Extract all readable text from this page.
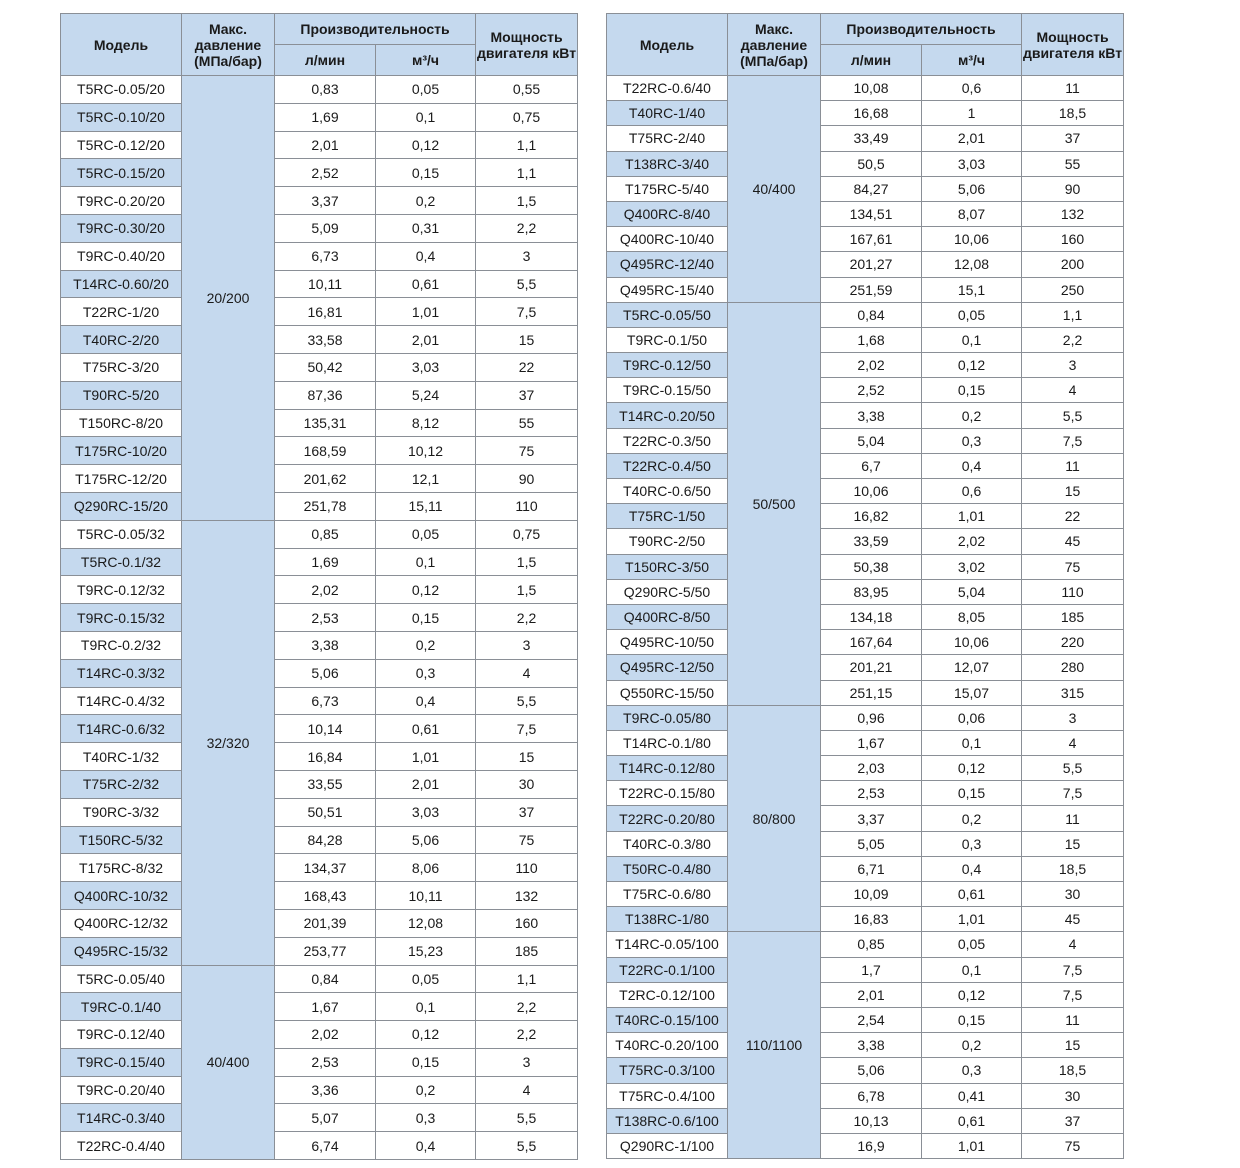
Модель	Макс. давление (МПа/бар)	Производительность		Мощность двигателя кВт
		л/мин	м³/ч	
T5RC-0.05/20	20/200	0,83	0,05	0,55
T5RC-0.10/20		1,69	0,1	0,75
T5RC-0.12/20		2,01	0,12	1,1
T5RC-0.15/20		2,52	0,15	1,1
T9RC-0.20/20		3,37	0,2	1,5
T9RC-0.30/20		5,09	0,31	2,2
T9RC-0.40/20		6,73	0,4	3
T14RC-0.60/20		10,11	0,61	5,5
T22RC-1/20		16,81	1,01	7,5
T40RC-2/20		33,58	2,01	15
T75RC-3/20		50,42	3,03	22
T90RC-5/20		87,36	5,24	37
T150RC-8/20		135,31	8,12	55
T175RC-10/20		168,59	10,12	75
T175RC-12/20		201,62	12,1	90
Q290RC-15/20		251,78	15,11	110
T5RC-0.05/32	32/320	0,85	0,05	0,75
T5RC-0.1/32		1,69	0,1	1,5
T9RC-0.12/32		2,02	0,12	1,5
T9RC-0.15/32		2,53	0,15	2,2
T9RC-0.2/32		3,38	0,2	3
T14RC-0.3/32		5,06	0,3	4
T14RC-0.4/32		6,73	0,4	5,5
T14RC-0.6/32		10,14	0,61	7,5
T40RC-1/32		16,84	1,01	15
T75RC-2/32		33,55	2,01	30
T90RC-3/32		50,51	3,03	37
T150RC-5/32		84,28	5,06	75
T175RC-8/32		134,37	8,06	110
Q400RC-10/32		168,43	10,11	132
Q400RC-12/32		201,39	12,08	160
Q495RC-15/32		253,77	15,23	185
T5RC-0.05/40	40/400	0,84	0,05	1,1
T9RC-0.1/40		1,67	0,1	2,2
T9RC-0.12/40		2,02	0,12	2,2
T9RC-0.15/40		2,53	0,15	3
T9RC-0.20/40		3,36	0,2	4
T14RC-0.3/40		5,07	0,3	5,5
T22RC-0.4/40		6,74	0,4	5,5
Модель	Макс. давление (МПа/бар)	Производительность		Мощность двигателя кВт
		л/мин	м³/ч	
T22RC-0.6/40	40/400	10,08	0,6	11
T40RC-1/40		16,68	1	18,5
T75RC-2/40		33,49	2,01	37
T138RC-3/40		50,5	3,03	55
T175RC-5/40		84,27	5,06	90
Q400RC-8/40		134,51	8,07	132
Q400RC-10/40		167,61	10,06	160
Q495RC-12/40		201,27	12,08	200
Q495RC-15/40		251,59	15,1	250
T5RC-0.05/50	50/500	0,84	0,05	1,1
T9RC-0.1/50		1,68	0,1	2,2
T9RC-0.12/50		2,02	0,12	3
T9RC-0.15/50		2,52	0,15	4
T14RC-0.20/50		3,38	0,2	5,5
T22RC-0.3/50		5,04	0,3	7,5
T22RC-0.4/50		6,7	0,4	11
T40RC-0.6/50		10,06	0,6	15
T75RC-1/50		16,82	1,01	22
T90RC-2/50		33,59	2,02	45
T150RC-3/50		50,38	3,02	75
Q290RC-5/50		83,95	5,04	110
Q400RC-8/50		134,18	8,05	185
Q495RC-10/50		167,64	10,06	220
Q495RC-12/50		201,21	12,07	280
Q550RC-15/50		251,15	15,07	315
T9RC-0.05/80	80/800	0,96	0,06	3
T14RC-0.1/80		1,67	0,1	4
T14RC-0.12/80		2,03	0,12	5,5
T22RC-0.15/80		2,53	0,15	7,5
T22RC-0.20/80		3,37	0,2	11
T40RC-0.3/80		5,05	0,3	15
T50RC-0.4/80		6,71	0,4	18,5
T75RC-0.6/80		10,09	0,61	30
T138RC-1/80		16,83	1,01	45
T14RC-0.05/100	110/1100	0,85	0,05	4
T22RC-0.1/100		1,7	0,1	7,5
T2RC-0.12/100		2,01	0,12	7,5
T40RC-0.15/100		2,54	0,15	11
T40RC-0.20/100		3,38	0,2	15
T75RC-0.3/100		5,06	0,3	18,5
T75RC-0.4/100		6,78	0,41	30
T138RC-0.6/100		10,13	0,61	37
Q290RC-1/100		16,9	1,01	75
